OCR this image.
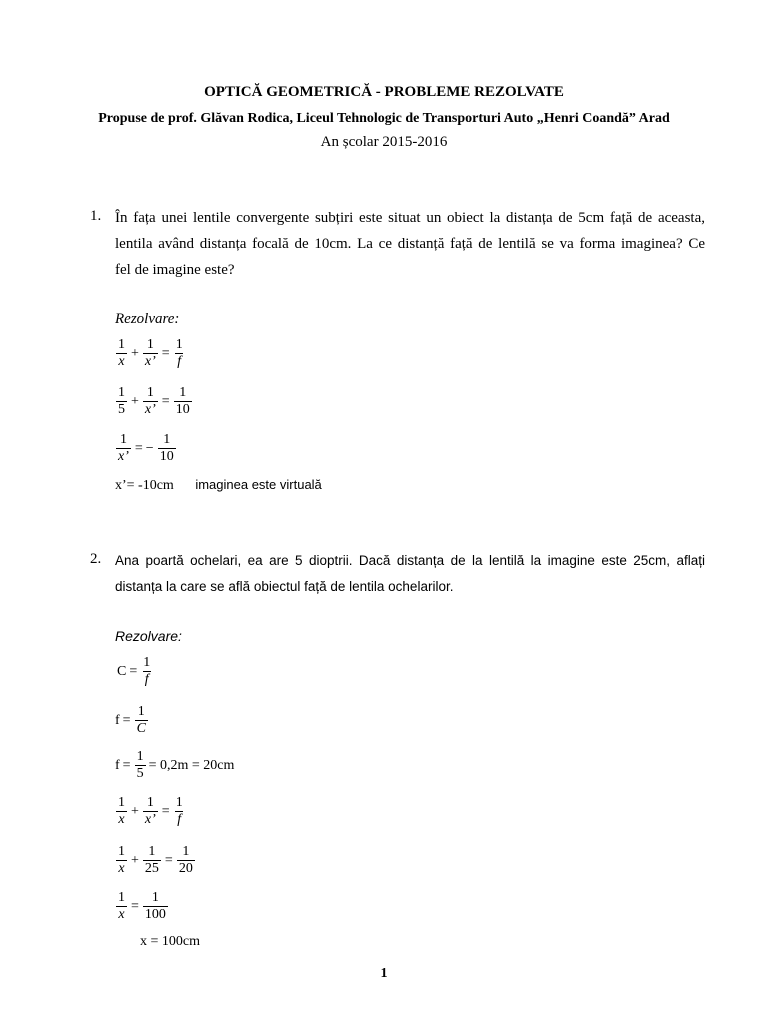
OPTICĂ GEOMETRICĂ - PROBLEME REZOLVATE
Propuse de prof. Glăvan Rodica, Liceul Tehnologic de Transporturi Auto „Henri Coandă” Arad
An școlar 2015-2016
1. În fața unei lentile convergente subțiri este situat un obiect la distanța de 5cm față de aceasta,
lentila având distanța focală de 10cm. La ce distanță față de lentilă se va forma imaginea? Ce
fel de imagine este?
Rezolvare:
$\frac{1}{x} + \frac{1}{x’} = \frac{1}{f}$
$\frac{1}{5} + \frac{1}{x’} = \frac{1}{10}$
$\frac{1}{x’}$ = − $\frac{1}{10}$
x’= -10cm imaginea este virtuală
2. Ana poartă ochelari, ea are 5 dioptrii. Dacă distanța de la lentilă la imagine este 25cm, aflați
distanța la care se află obiectul față de lentila ochelarilor.
Rezolvare:
$C = \frac{1}{f}$
$f = \frac{1}{C}$
$f = \frac{1}{5} = 0,2m = 20cm$
$\frac{1}{x} + \frac{1}{x’} = \frac{1}{f}$
$\frac{1}{x} + \frac{1}{25} = \frac{1}{20}$
$\frac{1}{x} = \frac{1}{100}$
x = 100cm
1
